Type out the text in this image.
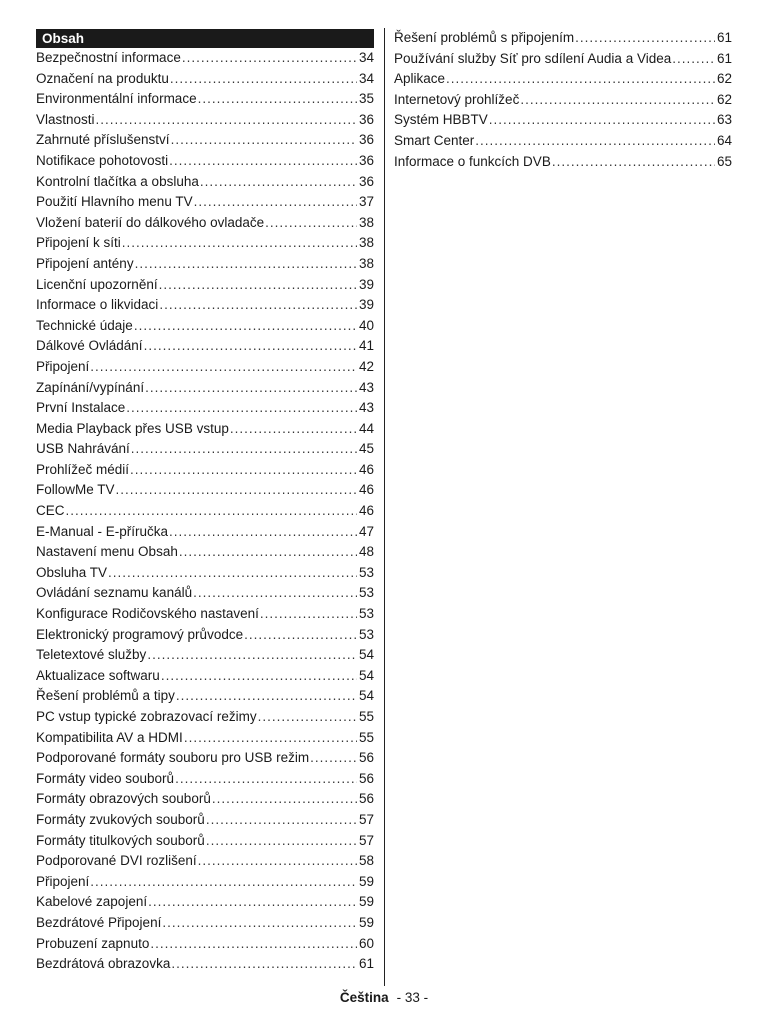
Obsah
Bezpečnostní informace .....	34
Označení na produktu .....	34
Environmentální informace .....	35
Vlastnosti .....	36
Zahrnuté příslušenství .....	36
Notifikace pohotovosti .....	36
Kontrolní tlačítka a obsluha .....	36
Použití Hlavního menu TV .....	37
Vložení baterií do dálkového ovladače .....	38
Připojení k síti .....	38
Připojení antény .....	38
Licenční upozornění .....	39
Informace o likvidaci .....	39
Technické údaje .....	40
Dálkové Ovládání .....	41
Připojení .....	42
Zapínání/vypínání .....	43
První Instalace .....	43
Media Playback přes USB vstup .....	44
USB Nahrávání .....	45
Prohlížeč médií .....	46
FollowMe TV .....	46
CEC .....	46
E-Manual - E-příručka .....	47
Nastavení menu Obsah .....	48
Obsluha TV .....	53
Ovládání seznamu kanálů .....	53
Konfigurace Rodičovského nastavení .....	53
Elektronický programový průvodce .....	53
Teletextové služby .....	54
Aktualizace softwaru .....	54
Řešení problémů a tipy .....	54
PC vstup typické zobrazovací režimy .....	55
Kompatibilita AV a HDMI .....	55
Podporované formáty souboru pro USB režim .....	56
Formáty video souborů .....	56
Formáty obrazových souborů .....	56
Formáty zvukových souborů .....	57
Formáty titulkových souborů .....	57
Podporované DVI rozlišení .....	58
Připojení .....	59
Kabelové zapojení .....	59
Bezdrátové Připojení .....	59
Probuzení zapnuto .....	60
Bezdrátová obrazovka .....	61
Řešení problémů s připojením .....	61
Používání služby Síť pro sdílení Audia a Videa .....	61
Aplikace .....	62
Internetový prohlížeč .....	62
Systém HBBTV .....	63
Smart Center .....	64
Informace o funkcích DVB .....	65
Čeština - 33 -
